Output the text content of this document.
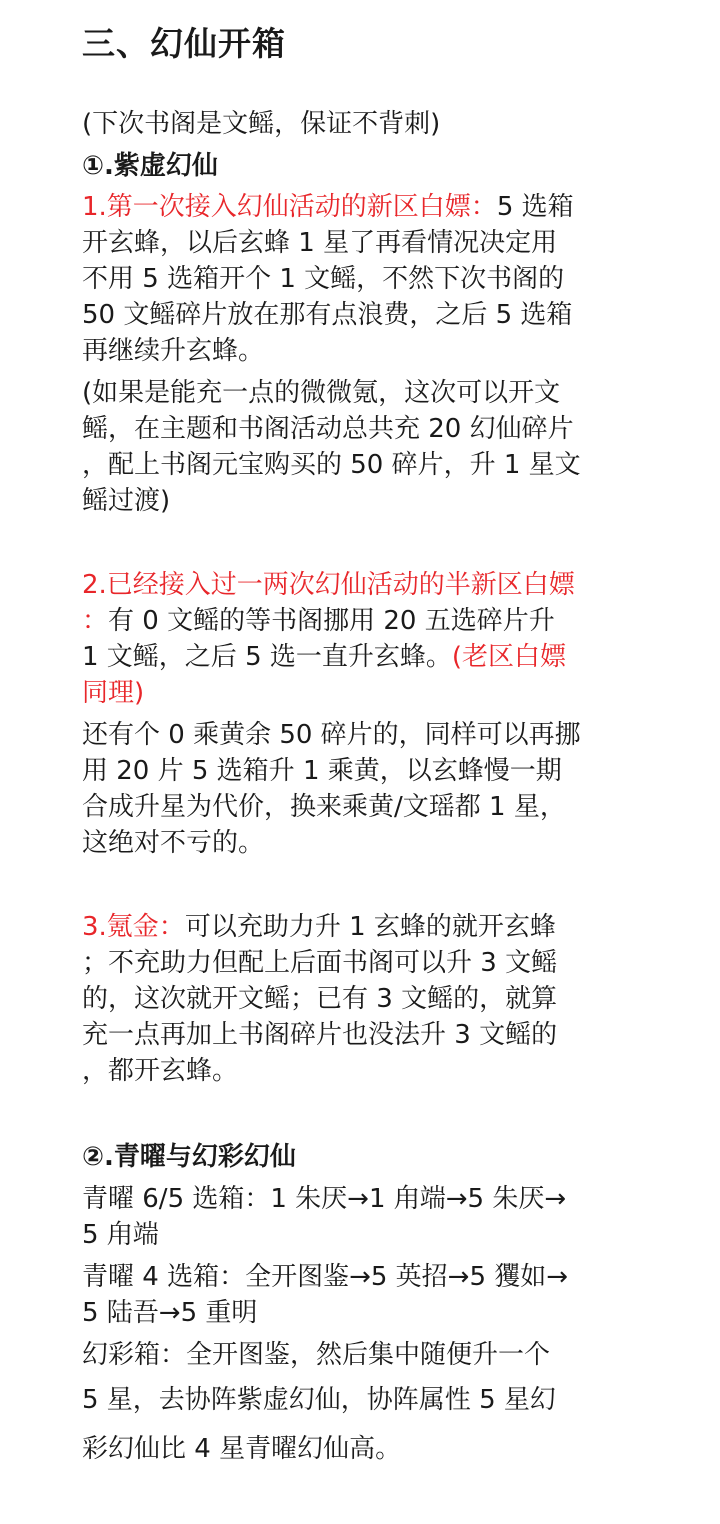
三、幻仙开箱
(下次书阁是文鳐，保证不背刺)
①.紫虚幻仙
1.第一次接入幻仙活动的新区白嫖：5 选箱
开玄蜂，以后玄蜂 1 星了再看情况决定用
不用 5 选箱开个 1 文鳐，不然下次书阁的
50 文鳐碎片放在那有点浪费，之后 5 选箱
再继续升玄蜂。
(如果是能充一点的微微氪，这次可以开文
鳐，在主题和书阁活动总共充 20 幻仙碎片
，配上书阁元宝购买的 50 碎片，升 1 星文
鳐过渡)
2.已经接入过一两次幻仙活动的半新区白嫖
：有 0 文鳐的等书阁挪用 20 五选碎片升
1 文鳐，之后 5 选一直升玄蜂。(老区白嫖
同理)
还有个 0 乘黄余 50 碎片的，同样可以再挪
用 20 片 5 选箱升 1 乘黄，以玄蜂慢一期
合成升星为代价，换来乘黄/文瑶都 1 星，
这绝对不亏的。
3.氪金：可以充助力升 1 玄蜂的就开玄蜂
；不充助力但配上后面书阁可以升 3 文鳐
的，这次就开文鳐；已有 3 文鳐的，就算
充一点再加上书阁碎片也没法升 3 文鳐的
，都开玄蜂。
②.青曜与幻彩幻仙
青曜 6/5 选箱：1 朱厌→1 甪端→5 朱厌→
5 甪端
青曜 4 选箱：全开图鉴→5 英招→5 玃如→
5 陆吾→5 重明
幻彩箱：全开图鉴，然后集中随便升一个
5 星，去协阵紫虚幻仙，协阵属性 5 星幻
彩幻仙比 4 星青曜幻仙高。
